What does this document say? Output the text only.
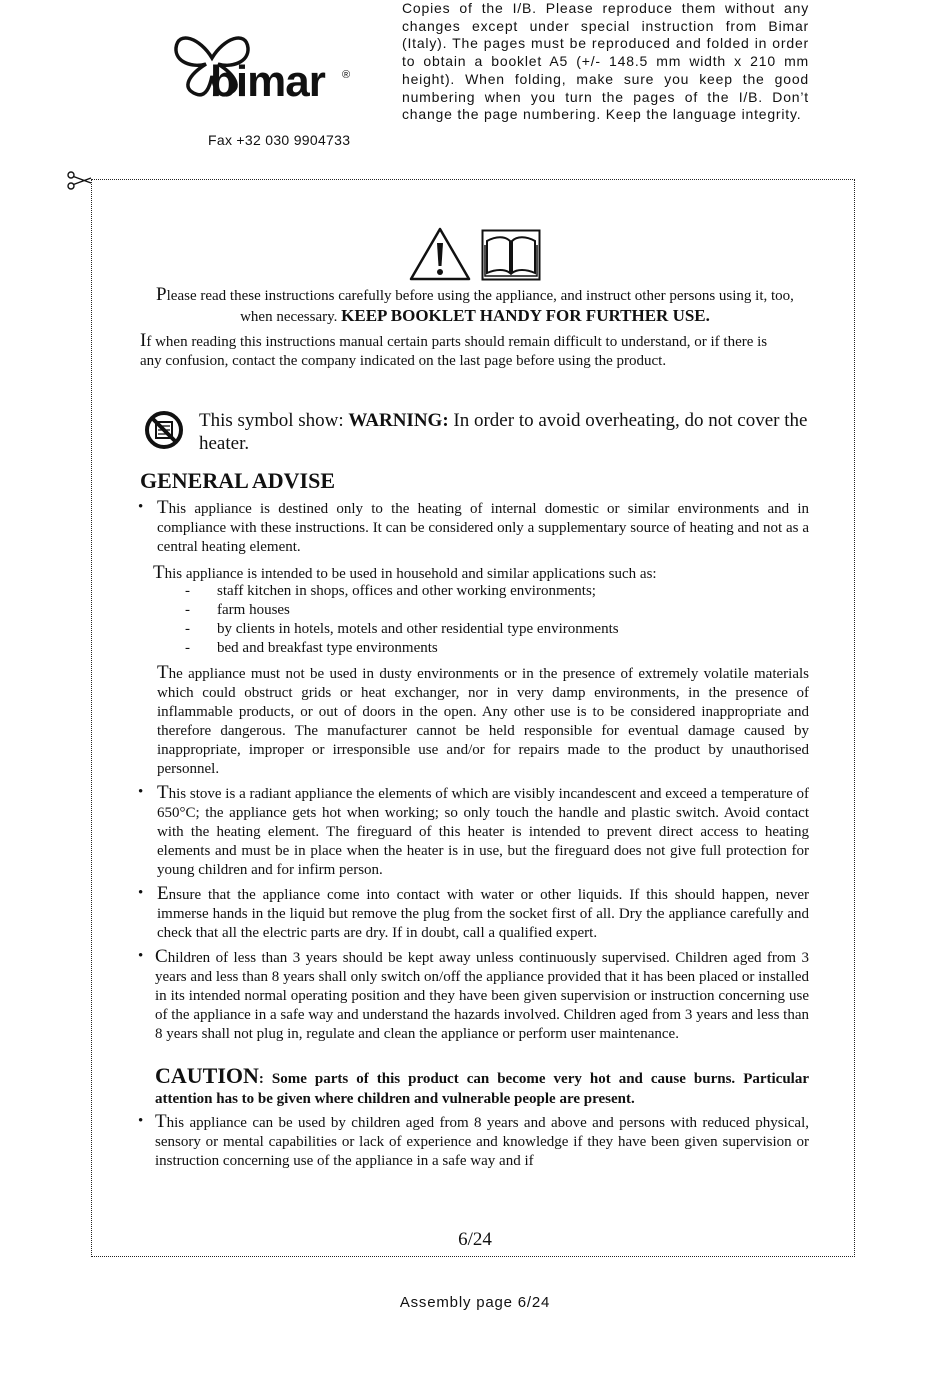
bimar ®
Fax +32 030 9904733
Copies of the I/B. Please reproduce them without any changes except under special instruction from Bimar (Italy). The pages must be reproduced and folded in order to obtain a booklet A5 (+/- 148.5 mm width x 210 mm height). When folding, make sure you keep the good numbering when you turn the pages of the I/B. Don’t change the page numbering. Keep the language integrity.
Please read these instructions carefully before using the appliance, and instruct other persons using it, too, when necessary. KEEP BOOKLET HANDY FOR FURTHER USE.
If when reading this instructions manual certain parts should remain difficult to understand, or if there is any confusion, contact the company indicated on the last page before using the product.
This symbol show: WARNING: In order to avoid overheating, do not cover the heater.
GENERAL ADVISE
• This appliance is destined only to the heating of internal domestic or similar environments and in compliance with these instructions. It can be considered only a supplementary source of heating and not as a central heating element.
This appliance is intended to be used in household and similar applications such as:
- staff kitchen in shops, offices and other working environments;
- farm houses
- by clients in hotels, motels and other residential type environments
- bed and breakfast type environments
The appliance must not be used in dusty environments or in the presence of extremely volatile materials which could obstruct grids or heat exchanger, nor in very damp environments, in the presence of inflammable products, or out of doors in the open. Any other use is to be considered inappropriate and therefore dangerous. The manufacturer cannot be held responsible for eventual damage caused by inappropriate, improper or irresponsible use and/or for repairs made to the product by unauthorised personnel.
• This stove is a radiant appliance the elements of which are visibly incandescent and exceed a temperature of 650°C; the appliance gets hot when working; so only touch the handle and plastic switch. Avoid contact with the heating element. The fireguard of this heater is intended to prevent direct access to heating elements and must be in place when the heater is in use, but the fireguard does not give full protection for young children and for infirm person.
• Ensure that the appliance come into contact with water or other liquids. If this should happen, never immerse hands in the liquid but remove the plug from the socket first of all. Dry the appliance carefully and check that all the electric parts are dry. If in doubt, call a qualified expert.
• Children of less than 3 years should be kept away unless continuously supervised. Children aged from 3 years and less than 8 years shall only switch on/off the appliance provided that it has been placed or installed in its intended normal operating position and they have been given supervision or instruction concerning use of the appliance in a safe way and understand the hazards involved. Children aged from 3 years and less than 8 years shall not plug in, regulate and clean the appliance or perform user maintenance.
CAUTION: Some parts of this product can become very hot and cause burns. Particular attention has to be given where children and vulnerable people are present.
• This appliance can be used by children aged from 8 years and above and persons with reduced physical, sensory or mental capabilities or lack of experience and knowledge if they have been given supervision or instruction concerning use of the appliance in a safe way and if
6/24
Assembly page 6/24
